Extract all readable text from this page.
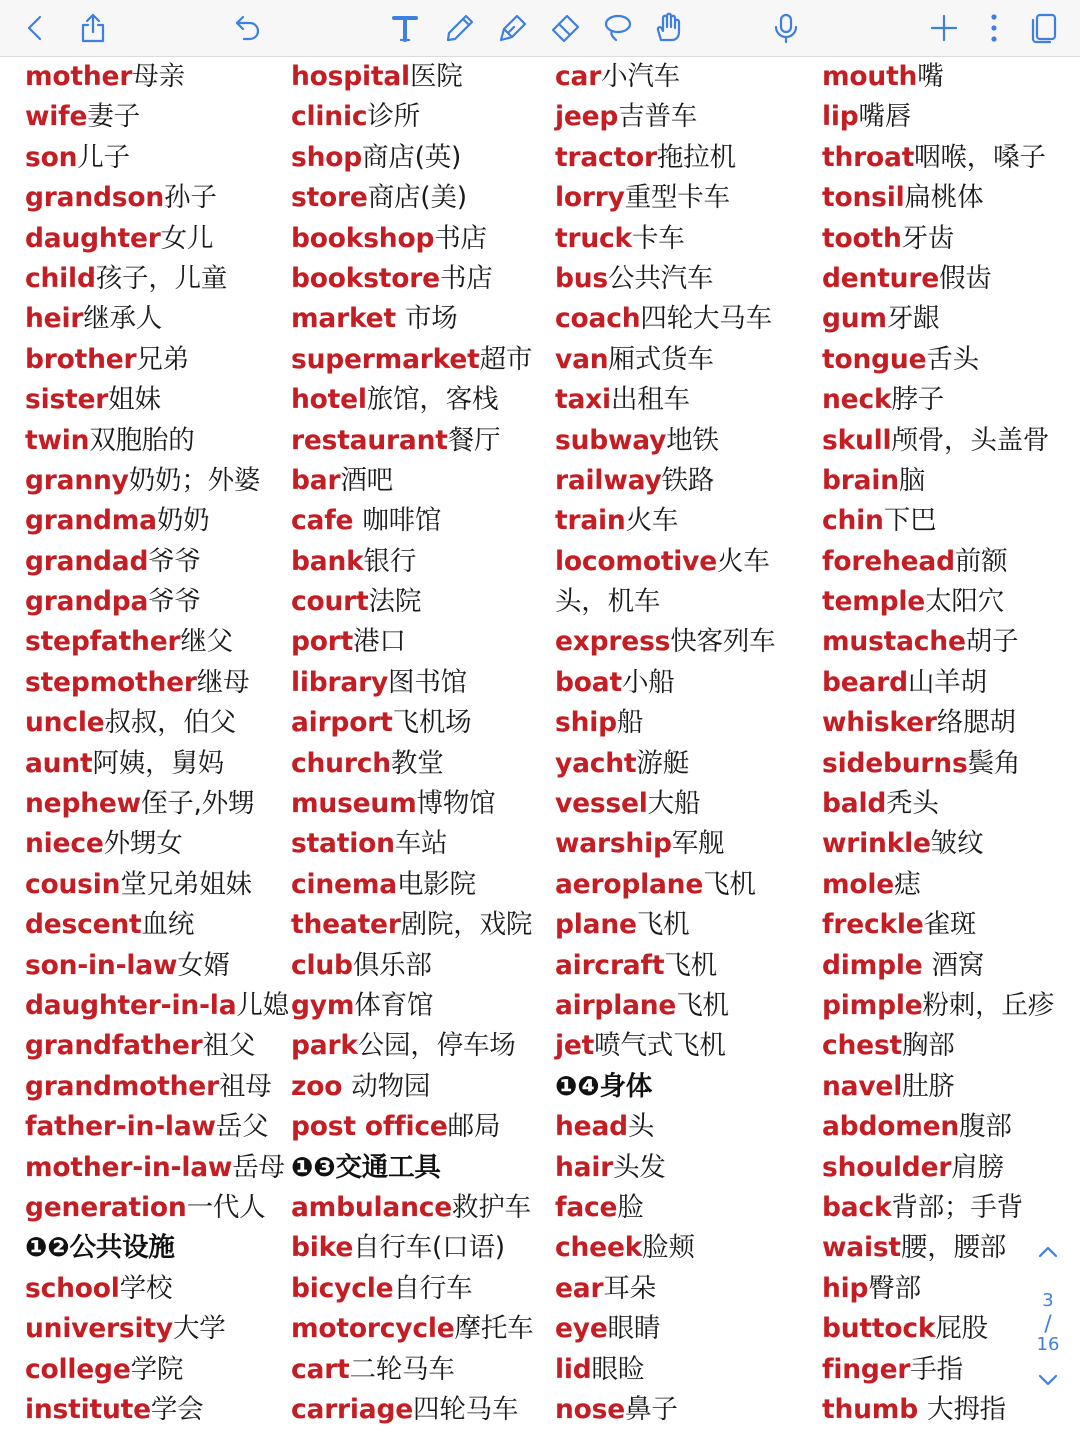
mother母亲
wife妻子
son儿子
grandson孙子
daughter女儿
child孩子，儿童
heir继承人
brother兄弟
sister姐妹
twin双胞胎的
granny奶奶；外婆
grandma奶奶
grandad爷爷
grandpa爷爷
stepfather继父
stepmother继母
uncle叔叔，伯父
aunt阿姨，舅妈
nephew侄子,外甥
niece外甥女
cousin堂兄弟姐妹
descent血统
son-in-law女婿
daughter-in-la儿媳
grandfather祖父
grandmother祖母
father-in-law岳父
mother-in-law岳母
generation一代人
❶❷公共设施
school学校
university大学
college学院
institute学会
hospital医院
clinic诊所
shop商店(英)
store商店(美)
bookshop书店
bookstore书店
market 市场
supermarket超市
hotel旅馆，客栈
restaurant餐厅
bar酒吧
cafe 咖啡馆
bank银行
court法院
port港口
library图书馆
airport飞机场
church教堂
museum博物馆
station车站
cinema电影院
theater剧院，戏院
club俱乐部
gym体育馆
park公园，停车场
zoo 动物园
post office邮局
❶❸交通工具
ambulance救护车
bike自行车(口语)
bicycle自行车
motorcycle摩托车
cart二轮马车
carriage四轮马车
car小汽车
jeep吉普车
tractor拖拉机
lorry重型卡车
truck卡车
bus公共汽车
coach四轮大马车
van厢式货车
taxi出租车
subway地铁
railway铁路
train火车
locomotive火车
头，机车
express快客列车
boat小船
ship船
yacht游艇
vessel大船
warship军舰
aeroplane飞机
plane飞机
aircraft飞机
airplane飞机
jet喷气式飞机
❶❹身体
head头
hair头发
face脸
cheek脸颊
ear耳朵
eye眼睛
lid眼睑
nose鼻子
mouth嘴
lip嘴唇
throat咽喉，嗓子
tonsil扁桃体
tooth牙齿
denture假齿
gum牙龈
tongue舌头
neck脖子
skull颅骨，头盖骨
brain脑
chin下巴
forehead前额
temple太阳穴
mustache胡子
beard山羊胡
whisker络腮胡
sideburns鬓角
bald秃头
wrinkle皱纹
mole痣
freckle雀斑
dimple 酒窝
pimple粉刺，丘疹
chest胸部
navel肚脐
abdomen腹部
shoulder肩膀
back背部；手背
waist腰，腰部
hip臀部
buttock屁股
finger手指
thumb 大拇指
3
/
16
